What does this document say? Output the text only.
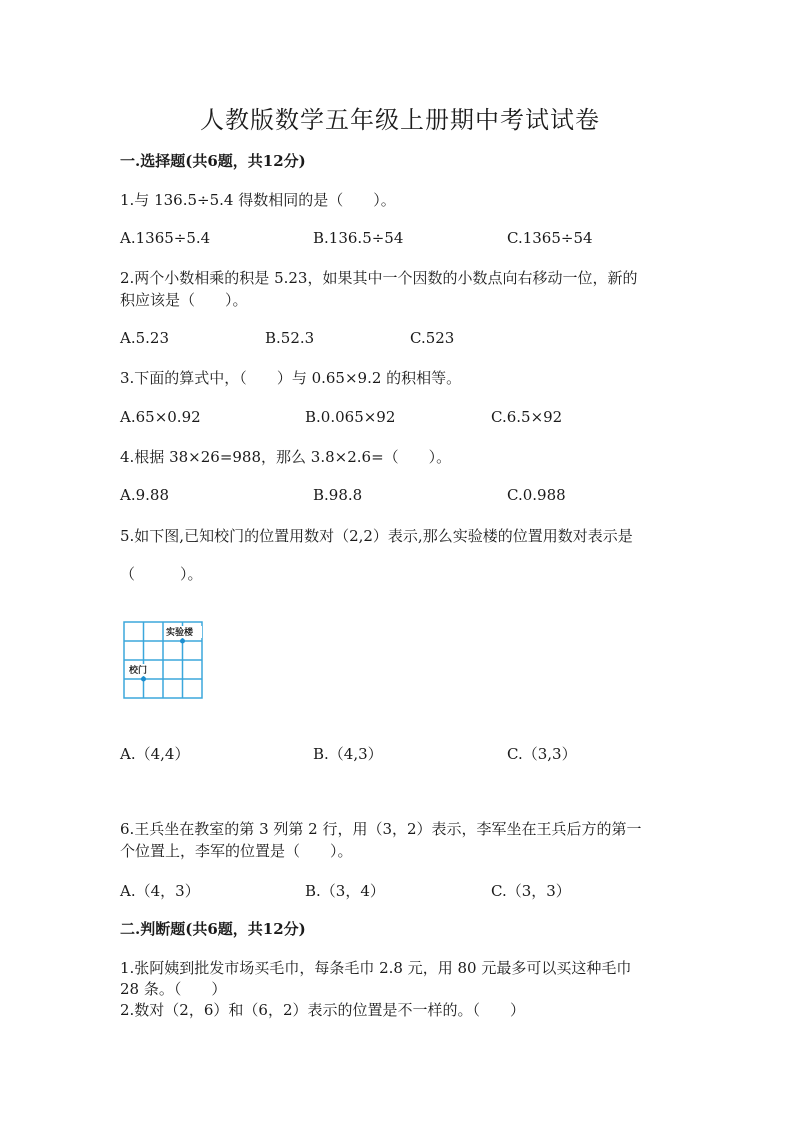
人教版数学五年级上册期中考试试卷
一.选择题(共6题，共12分)
1.与 136.5÷5.4 得数相同的是（　　）。
A.1365÷5.4	B.136.5÷54	C.1365÷54
2.两个小数相乘的积是 5.23，如果其中一个因数的小数点向右移动一位，新的
积应该是（　　）。
A.5.23	B.52.3	C.523
3.下面的算式中，（　　）与 0.65×9.2 的积相等。
A.65×0.92	B.0.065×92	C.6.5×92
4.根据 38×26=988，那么 3.8×2.6=（　　）。
A.9.88	B.98.8	C.0.988
5.如下图,已知校门的位置用数对（2,2）表示,那么实验楼的位置用数对表示是
（　　　）。
实验楼
校门
A.（4,4）	B.（4,3）	C.（3,3）
6.王兵坐在教室的第 3 列第 2 行，用（3，2）表示，李军坐在王兵后方的第一
个位置上，李军的位置是（　　）。
A.（4，3）	B.（3，4）	C.（3，3）
二.判断题(共6题，共12分)
1.张阿姨到批发市场买毛巾，每条毛巾 2.8 元，用 80 元最多可以买这种毛巾
28 条。（　　）
2.数对（2，6）和（6，2）表示的位置是不一样的。（　　）
